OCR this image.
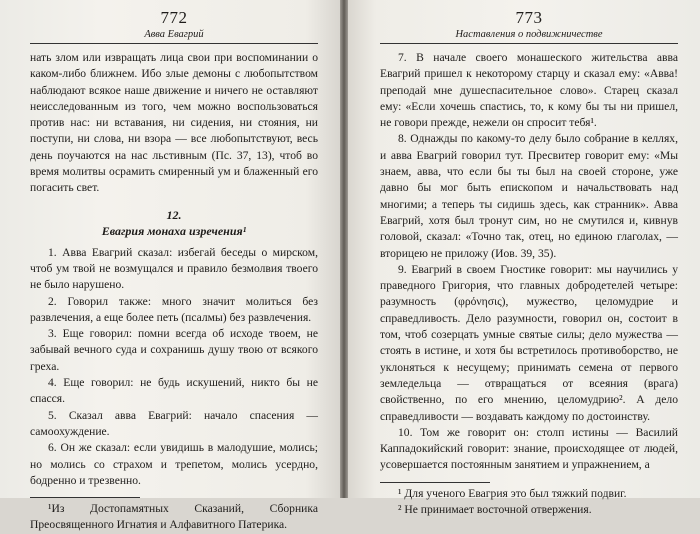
772
Авва Евагрий

нать злом или извращать лица свои при воспоминании о каком-либо ближнем. Ибо злые демоны с любопытством наблюдают всякое наше движение и ничего не оставляют неисследованным из того, чем можно воспользоваться против нас: ни вставания, ни сидения, ни стояния, ни поступи, ни слова, ни взора — все любопытствуют, весь день поучаются на нас льстивным (Пс. 37, 13), чтоб во время молитвы осрамить смиренный ум и блаженный его погасить свет.

12.
Евагрия монаха изречения¹

1. Авва Евагрий сказал: избегай беседы о мирском, чтоб ум твой не возмущался и правило безмолвия твоего не было нарушено.

2. Говорил также: много значит молиться без развлечения, а еще более петь (псалмы) без развлечения.

3. Еще говорил: помни всегда об исходе твоем, не забывай вечного суда и сохранишь душу твою от всякого греха.

4. Еще говорил: не будь искушений, никто бы не спасся.

5. Сказал авва Евагрий: начало спасения — самоохуждение.

6. Он же сказал: если увидишь в малодушие, молись; но молись со страхом и трепетом, молись усердно, бодренно и трезвенно.

¹Из Достопамятных Сказаний, Сборника Преосвященного Игнатия и Алфавитного Патерика.

773
Наставления о подвижничестве

7. В начале своего монашеского жительства авва Евагрий пришел к некоторому старцу и сказал ему: «Авва! преподай мне душеспасительное слово». Старец сказал ему: «Если хочешь спастись, то, к кому бы ты ни пришел, не говори прежде, нежели он спросит тебя¹.

8. Однажды по какому-то делу было собрание в келлях, и авва Евагрий говорил тут. Пресвитер говорит ему: «Мы знаем, авва, что если бы ты был на своей стороне, уже давно бы мог быть епископом и начальствовать над многими; а теперь ты сидишь здесь, как странник». Авва Евагрий, хотя был тронут сим, но не смутился и, кивнув головой, сказал: «Точно так, отец, но единою глаголах, — вторицею не приложу (Иов. 39, 35).

9. Евагрий в своем Гностике говорит: мы научились у праведного Григория, что главных добродетелей четыре: разумность (φρόνησις), мужество, целомудрие и справедливость. Дело разумности, говорил он, состоит в том, чтоб созерцать умные святые силы; дело мужества — стоять в истине, и хотя бы встретилось противоборство, не уклоняться к несущему; принимать семена от первого земледельца — отвращаться от всеяния (врага) свойственно, по его мнению, целомудрию². А дело справедливости — воздавать каждому по достоинству.

10. Том же говорит он: столп истины — Василий Каппадокийский говорит: знание, происходящее от людей, усовершается постоянным занятием и упражнением, а

¹ Для ученого Евагрия это был тяжкий подвиг.

² Не принимает восточной отвержения.
